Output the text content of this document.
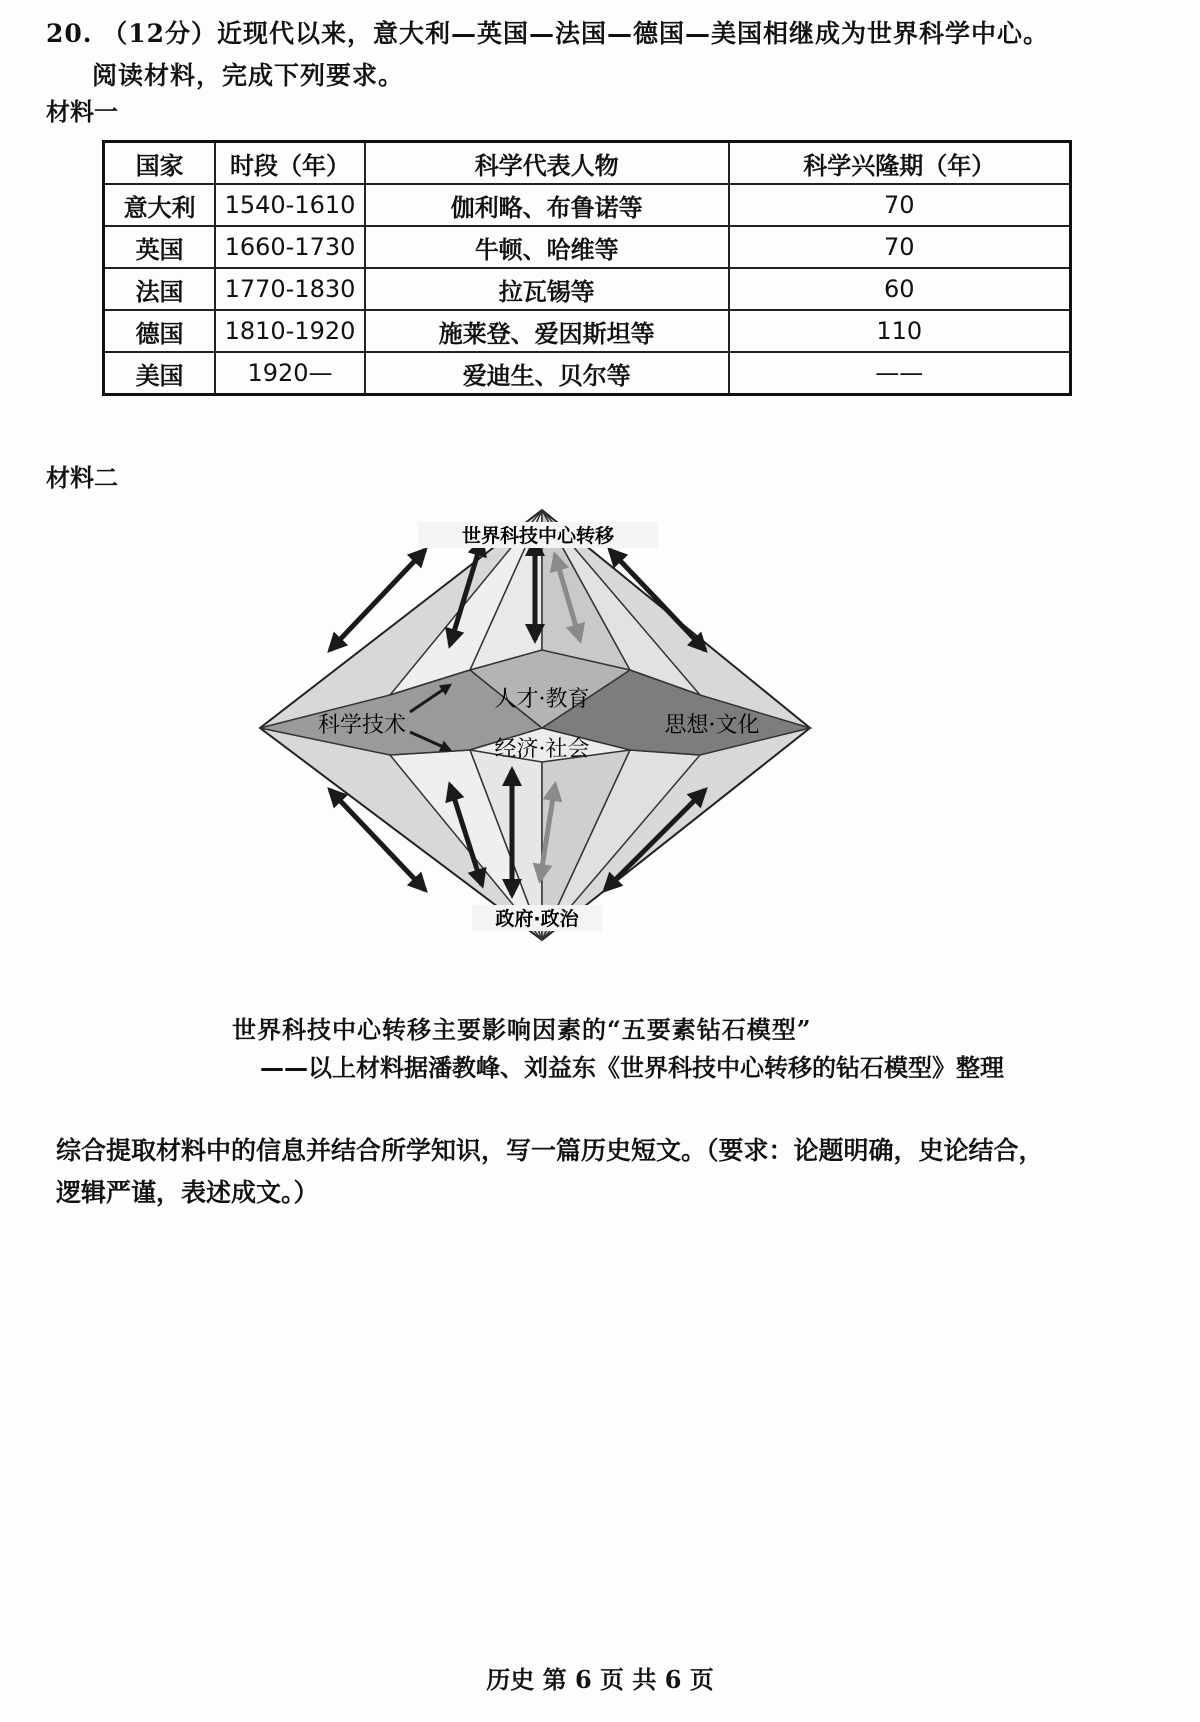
20. （12分）近现代以来，意大利—英国—法国—德国—美国相继成为世界科学中心。
阅读材料，完成下列要求。
材料一
国家	时段（年）	科学代表人物	科学兴隆期（年）
意大利	1540-1610	伽利略、布鲁诺等	70
英国	1660-1730	牛顿、哈维等	70
法国	1770-1830	拉瓦锡等	60
德国	1810-1920	施莱登、爱因斯坦等	110
美国	1920—	爱迪生、贝尔等	——
材料二
世界科技中心转移
科学技术	思想·文化
人才·教育
经济·社会
政府·政治
世界科技中心转移主要影响因素的“五要素钻石模型”
——以上材料据潘教峰、刘益东《世界科技中心转移的钻石模型》整理
综合提取材料中的信息并结合所学知识，写一篇历史短文。（要求：论题明确，史论结合，逻辑严谨，表述成文。）
历史 第 6 页 共 6 页
